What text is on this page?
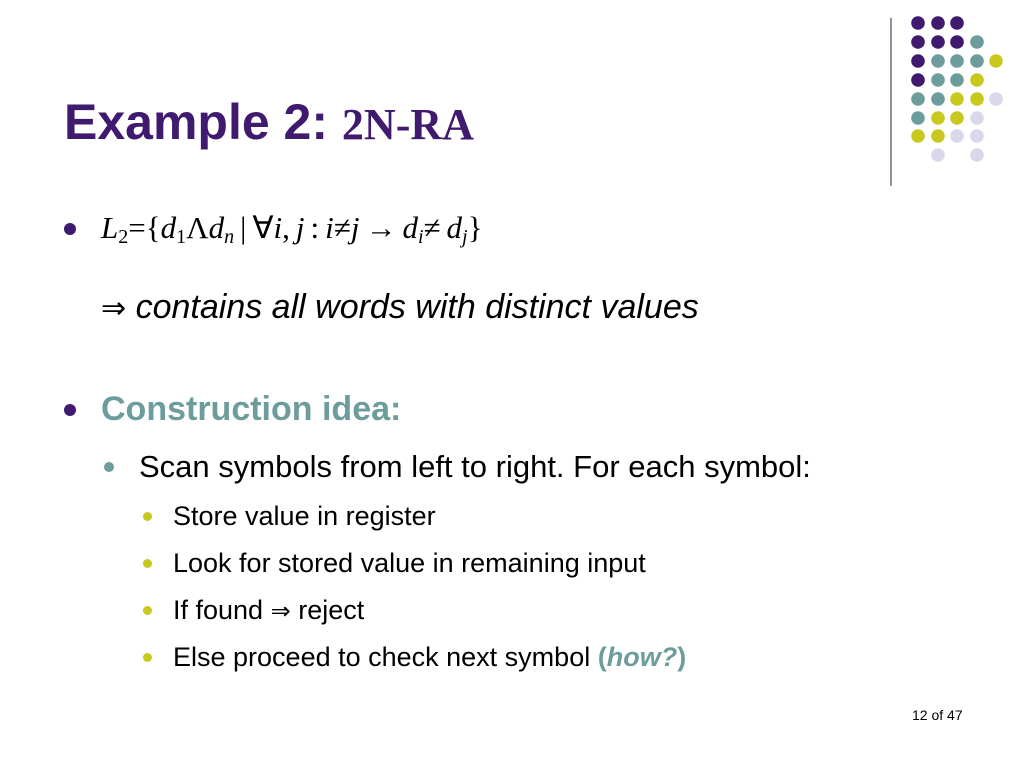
Example 2: 2N-RA
$L_2=\{d_1\Lambda d_n$ | ∀i, j : $i\ne j \to d_i\ne d_j$}
⇒ contains all words with distinct values
Construction idea:
Scan symbols from left to right. For each symbol:
Store value in register
Look for stored value in remaining input
If found ⇒ reject
Else proceed to check next symbol (how?)
12 of 47
